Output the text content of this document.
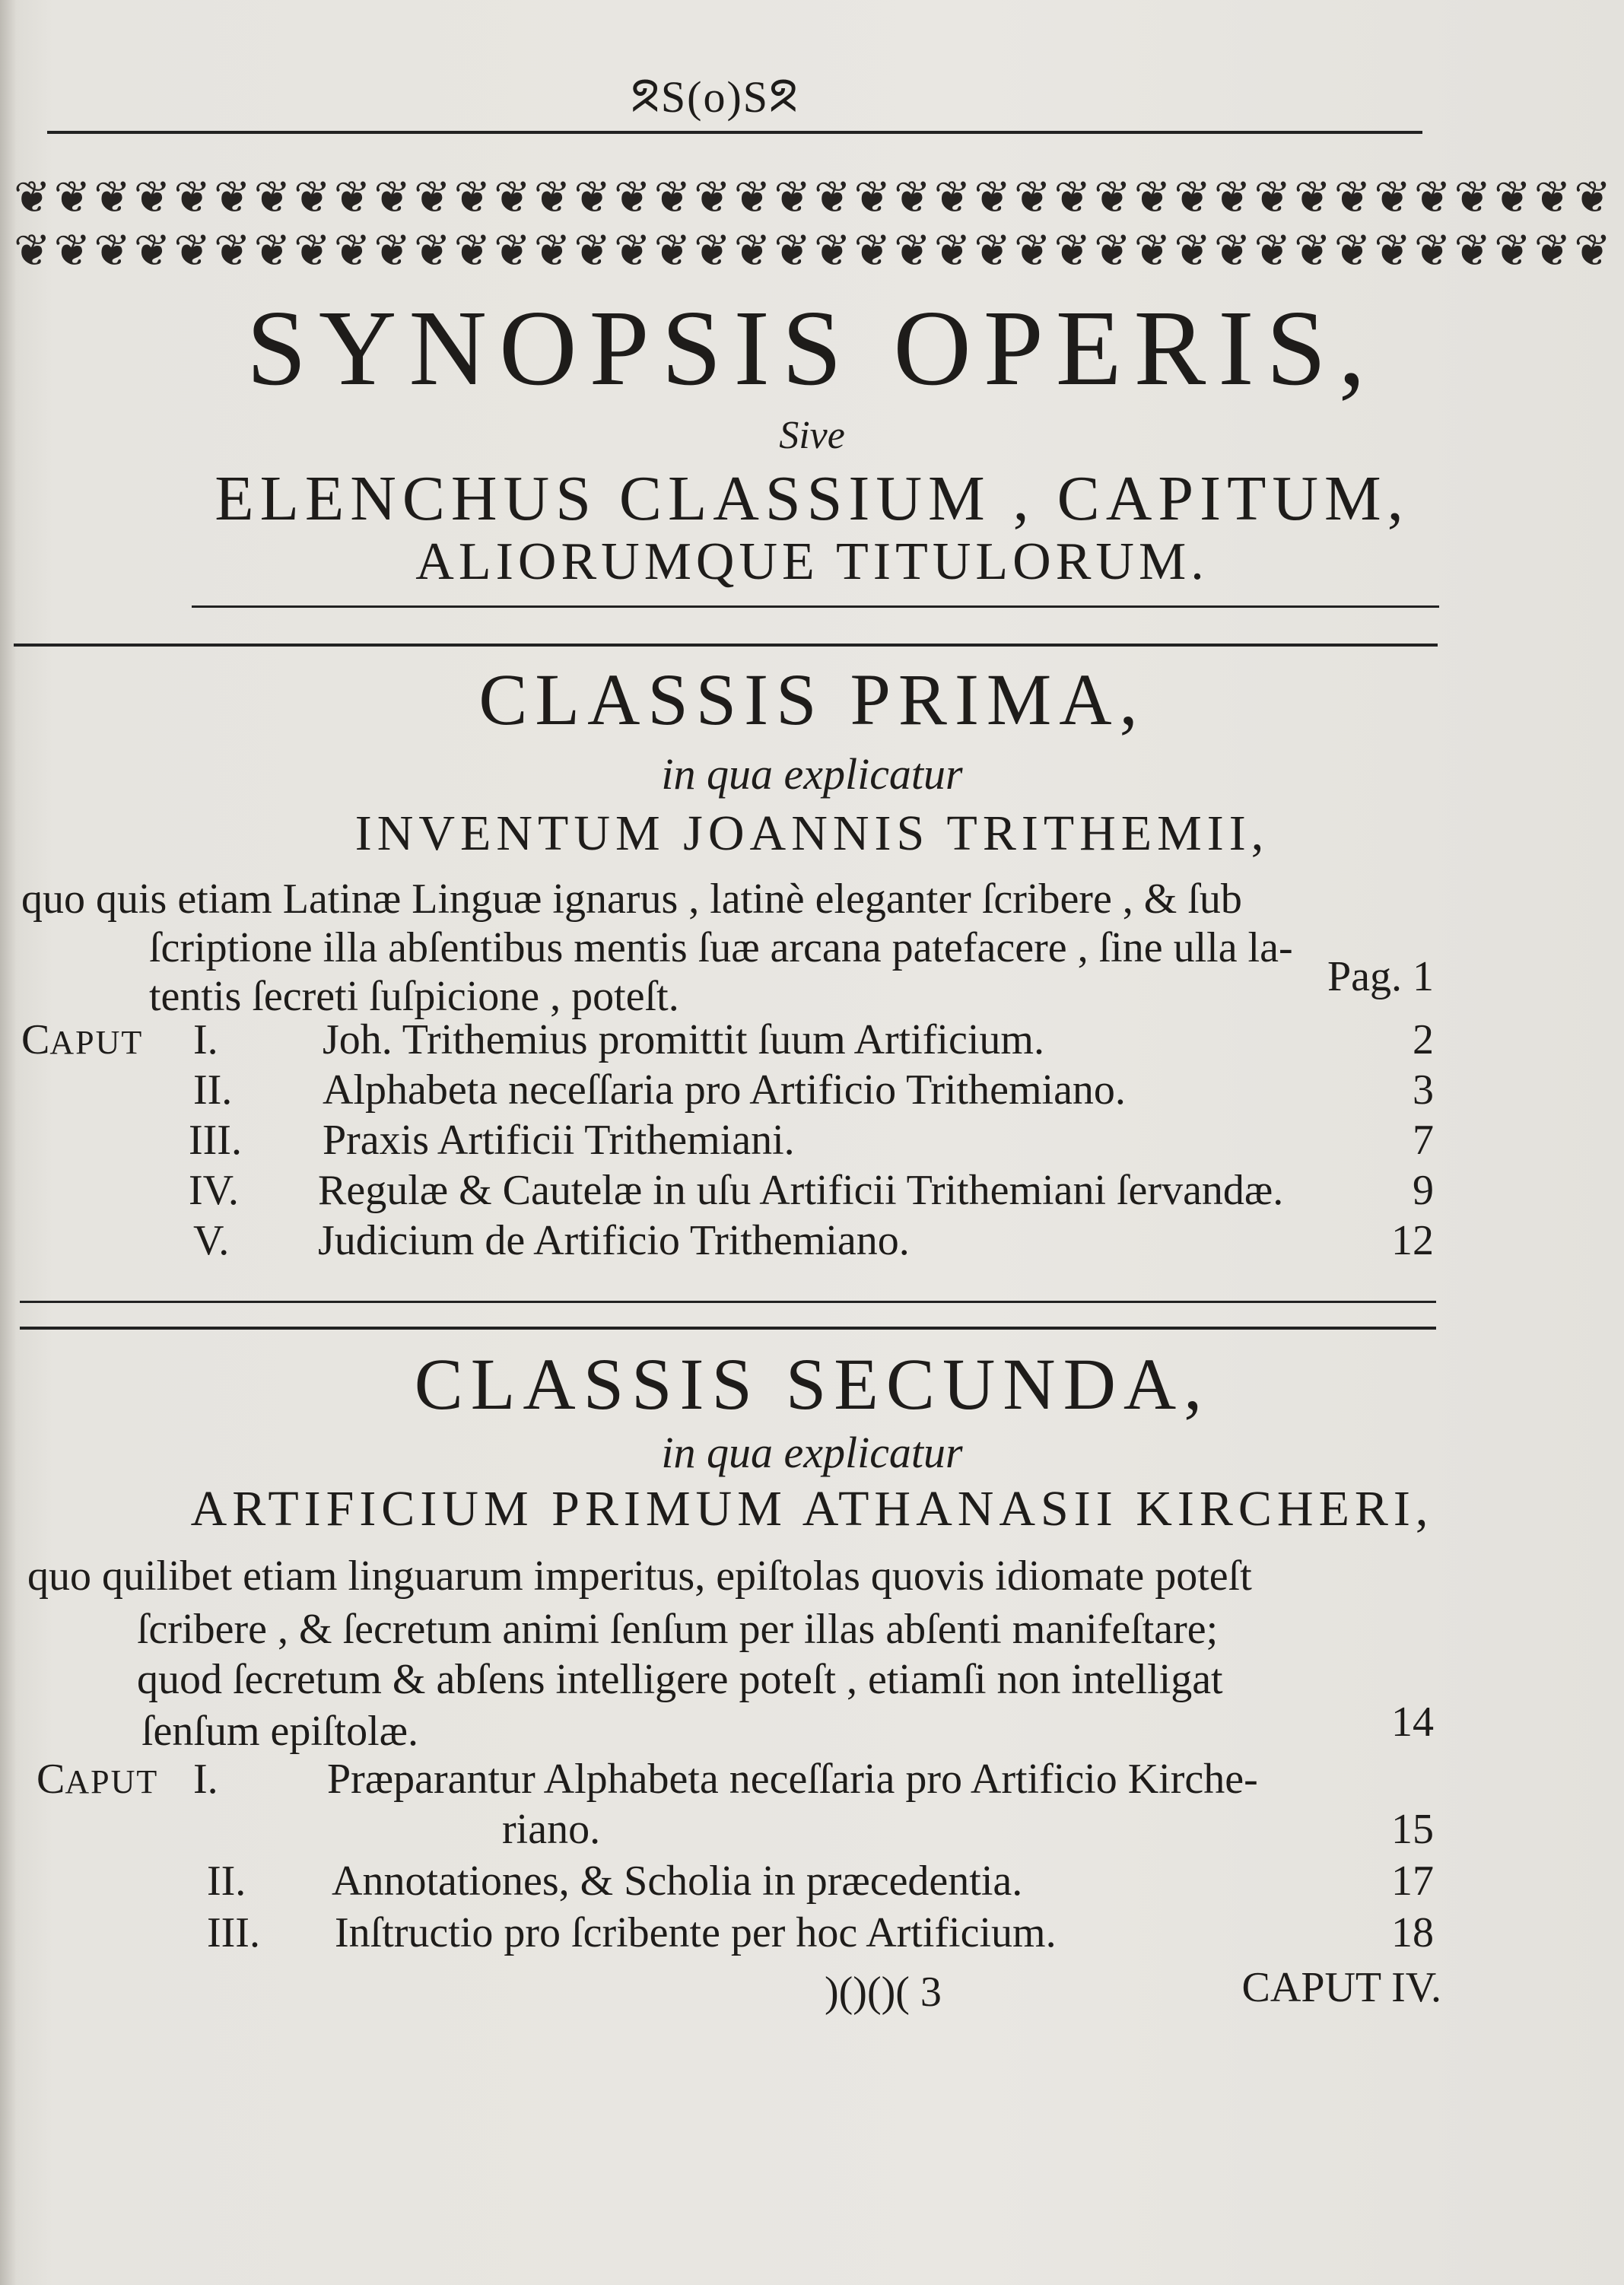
ᘝS(o)Sᘝ
❦❦❦❦❦❦❦❦❦❦❦❦❦❦❦❦❦❦❦❦❦❦❦❦❦❦❦❦❦❦❦❦❦❦❦❦❦❦❦❦
❦❦❦❦❦❦❦❦❦❦❦❦❦❦❦❦❦❦❦❦❦❦❦❦❦❦❦❦❦❦❦❦❦❦❦❦❦❦❦❦
SYNOPSIS OPERIS,
Sive
ELENCHUS CLASSIUM , CAPITUM,
ALIORUMQUE TITULORUM.
CLASSIS PRIMA,
in qua explicatur
INVENTUM JOANNIS TRITHEMII,
quo quis etiam Latinæ Linguæ ignarus , latinè eleganter ſcribere , & ſub
ſcriptione illa abſentibus mentis ſuæ arcana patefacere , ſine ulla la-
tentis ſecreti ſuſpicione , poteſt.	Pag. 1
CAPUT I. Joh. Trithemius promittit ſuum Artificium.	2
II. Alphabeta neceſſaria pro Artificio Trithemiano.	3
III. Praxis Artificii Trithemiani.	7
IV. Regulæ & Cautelæ in uſu Artificii Trithemiani ſervandæ.	9
V. Judicium de Artificio Trithemiano.	12
CLASSIS SECUNDA,
in qua explicatur
ARTIFICIUM PRIMUM ATHANASII KIRCHERI,
quo quilibet etiam linguarum imperitus, epiſtolas quovis idiomate poteſt
ſcribere , & ſecretum animi ſenſum per illas abſenti manifeſtare;
quod ſecretum & abſens intelligere poteſt , etiamſi non intelligat
ſenſum epiſtolæ.	14
CAPUT I.	Præparantur Alphabeta neceſſaria pro Artificio Kirche-
riano.	15
II. Annotationes, & Scholia in præcedentia.	17
III. Inſtructio pro ſcribente per hoc Artificium.	18
)()()( 3	CAPUT IV.
